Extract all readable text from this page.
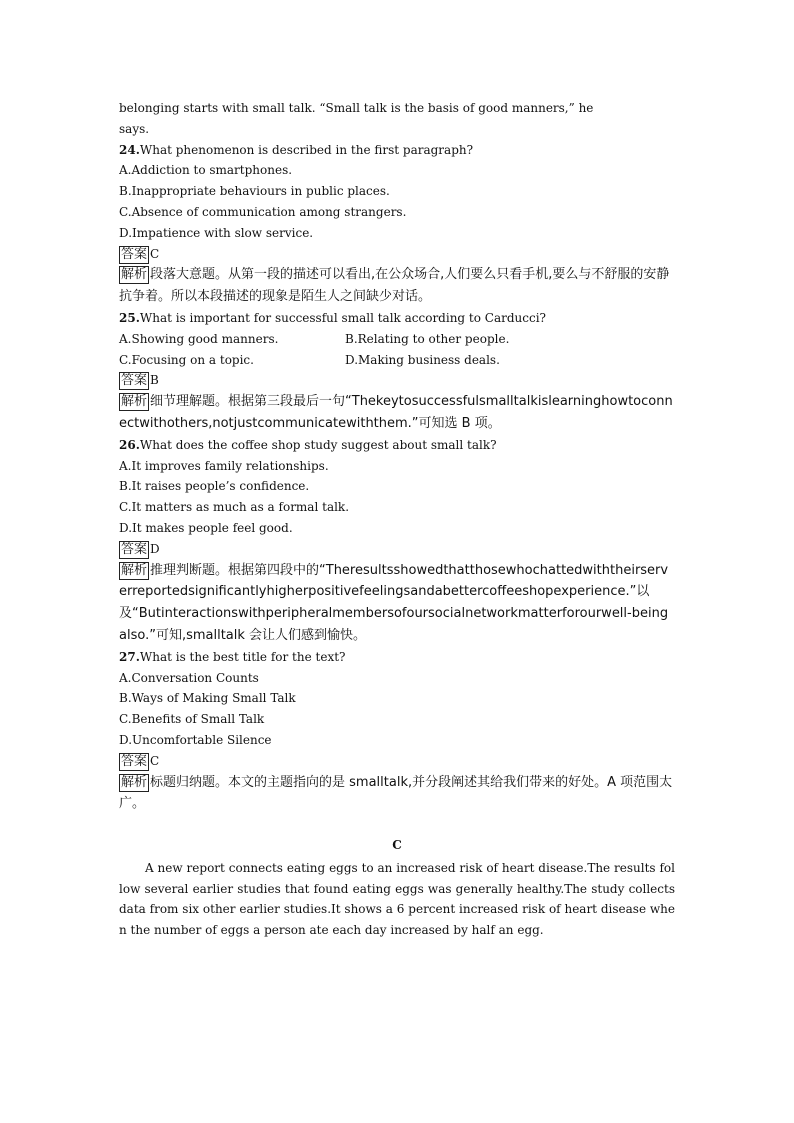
belonging starts with small talk. “Small talk is the basis of good manners,” he
says.
24.What phenomenon is described in the first paragraph?
A.Addiction to smartphones.
B.Inappropriate behaviours in public places.
C.Absence of communication among strangers.
D.Impatience with slow service.
答案 C
解析 段落大意题。从第一段的描述可以看出,在公众场合,人们要么只看手机,要么与不舒服的安静抗争着。所以本段描述的现象是陌生人之间缺少对话。
25.What is important for successful small talk according to Carducci?
A.Showing good manners.	B.Relating to other people.
C.Focusing on a topic.	D.Making business deals.
答案 B
解析 细节理解题。根据第三段最后一句“Thekeytosuccessfulsmalltalkislearninghowtoconnectwithothers,notjustcommunicatewiththem.”可知选 B 项。
26.What does the coffee shop study suggest about small talk?
A.It improves family relationships.
B.It raises people’s confidence.
C.It matters as much as a formal talk.
D.It makes people feel good.
答案 D
解析 推理判断题。根据第四段中的“Theresultsshowedthatthosewhochattedwiththeirserverreportedsignificantlyhigherpositivefeelingsandabettercoffeeshopexperience.”以及“Butinteractionswithperipheralmembersofoursocialnetworkmatterforourwell-beingalso.”可知,smalltalk 会让人们感到愉快。
27.What is the best title for the text?
A.Conversation Counts
B.Ways of Making Small Talk
C.Benefits of Small Talk
D.Uncomfortable Silence
答案 C
解析 标题归纳题。本文的主题指向的是 smalltalk,并分段阐述其给我们带来的好处。A 项范围太广。
C
A new report connects eating eggs to an increased risk of heart disease.The results follow several earlier studies that found eating eggs was generally healthy.The study collects data from six other earlier studies.It shows a 6 percent increased risk of heart disease when the number of eggs a person ate each day increased by half an egg.
